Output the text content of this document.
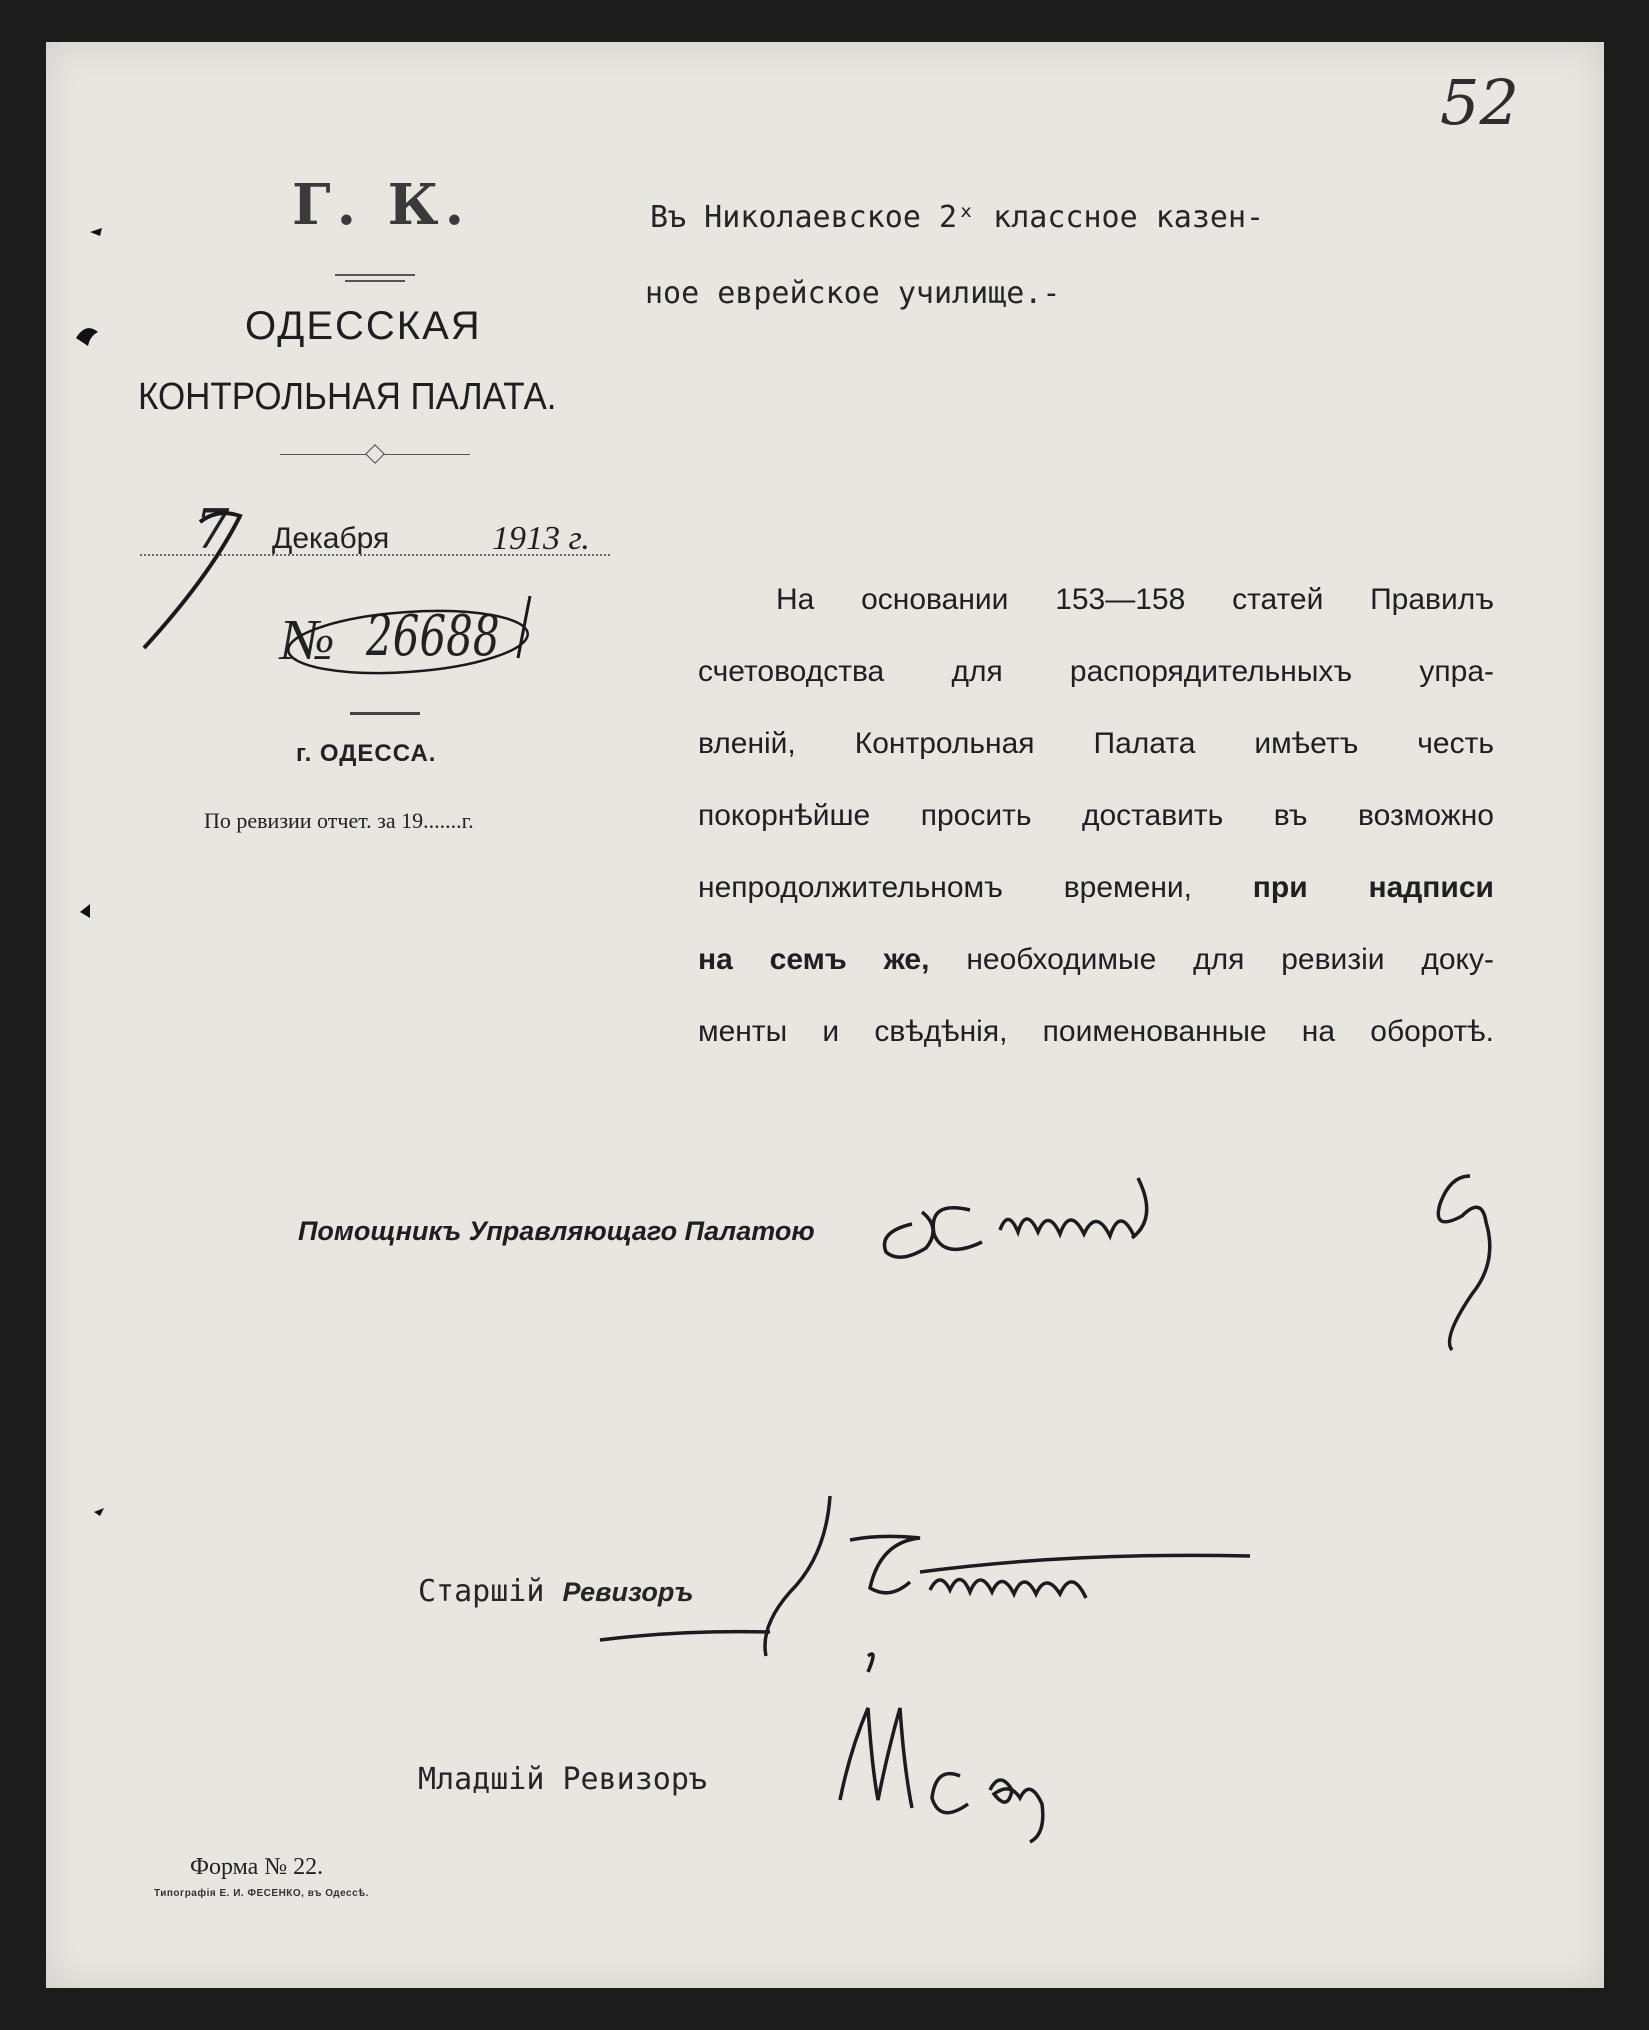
52
Г. К.
ОДЕССКАЯ
КОНТРОЛЬНАЯ ПАЛАТА.
7 Декабря	1913 г.
№ 26688
г. ОДЕССА.
По ревизии отчет. за 19.......г.
Въ Николаевское 2ˣ классное казен-
ное еврейское училище.-
На основании 153—158 статей Правилъ
счетоводства для распорядительныхъ упра-
вленій, Контрольная Палата имѣетъ честь
покорнѣйше просить доставить въ возможно
непродолжительномъ времени, при надписи
на семъ же, необходимые для ревизіи доку-
менты и свѣдѣнія, поименованные на оборотѣ.
Помощникъ Управляющаго Палатою
Старшій Ревизоръ
Младшій Ревизоръ
Форма № 22.
Типографія Е. И. ФЕСЕНКО, въ Одессѣ.
